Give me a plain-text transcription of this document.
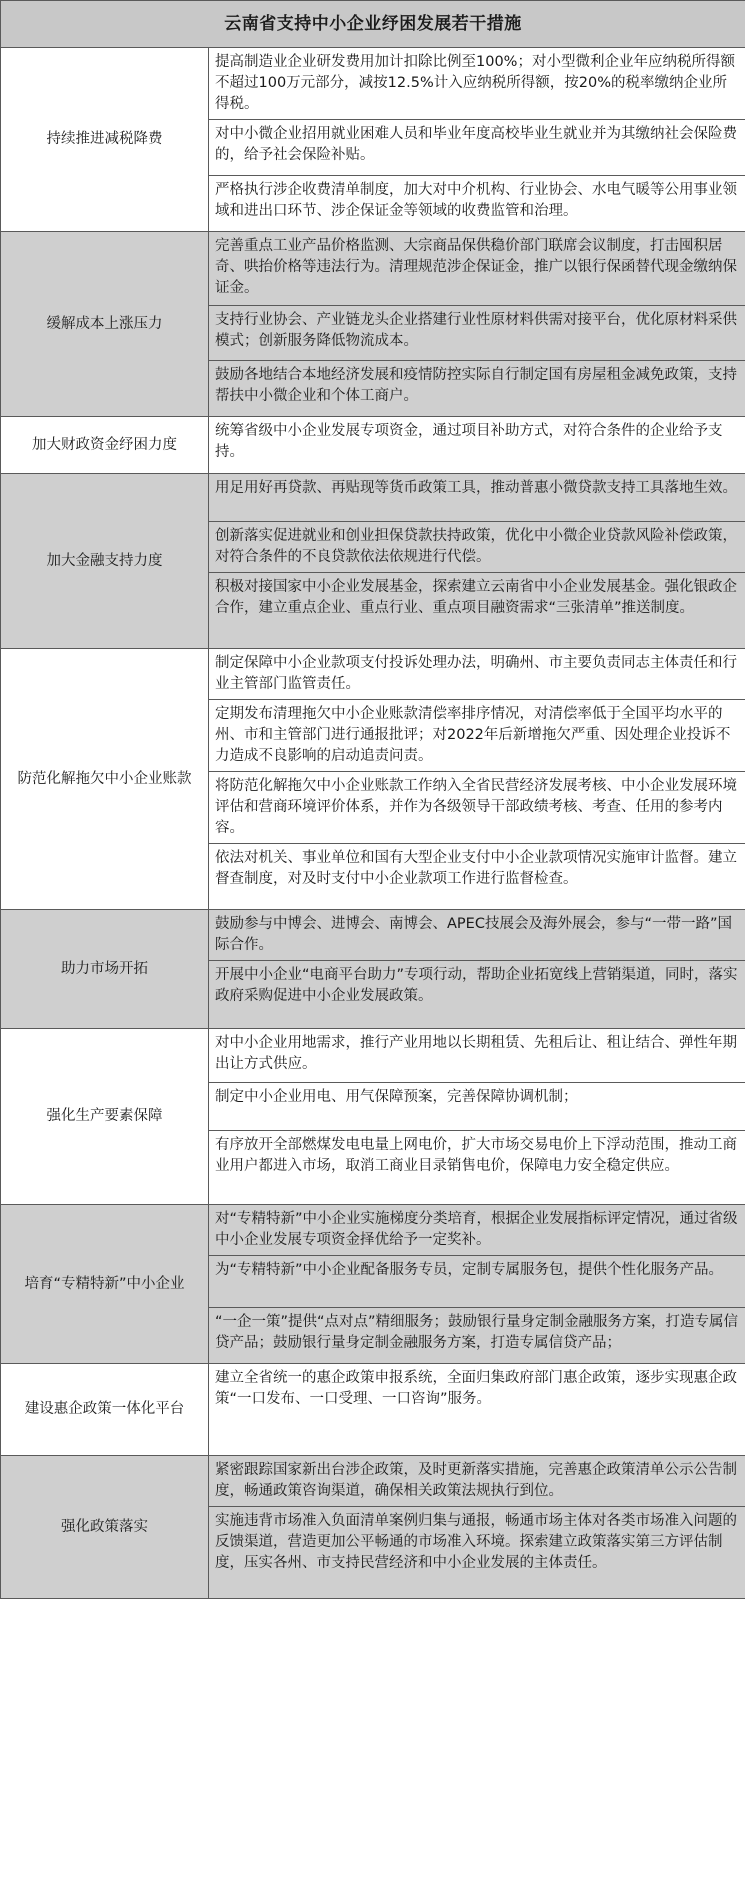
云南省支持中小企业纾困发展若干措施	
持续推进减税降费	提高制造业企业研发费用加计扣除比例至100%；对小型微利企业年应纳税所得额不超过100万元部分，减按12.5%计入应纳税所得额，按20%的税率缴纳企业所得税。
	对中小微企业招用就业困难人员和毕业年度高校毕业生就业并为其缴纳社会保险费的，给予社会保险补贴。
	严格执行涉企收费清单制度，加大对中介机构、行业协会、水电气暖等公用事业领域和进出口环节、涉企保证金等领域的收费监管和治理。
缓解成本上涨压力	完善重点工业产品价格监测、大宗商品保供稳价部门联席会议制度，打击囤积居奇、哄抬价格等违法行为。清理规范涉企保证金，推广以银行保函替代现金缴纳保证金。
	支持行业协会、产业链龙头企业搭建行业性原材料供需对接平台，优化原材料采供模式；创新服务降低物流成本。
	鼓励各地结合本地经济发展和疫情防控实际自行制定国有房屋租金减免政策，支持帮扶中小微企业和个体工商户。
加大财政资金纾困力度	统筹省级中小企业发展专项资金，通过项目补助方式，对符合条件的企业给予支持。
加大金融支持力度	用足用好再贷款、再贴现等货币政策工具，推动普惠小微贷款支持工具落地生效。
	创新落实促进就业和创业担保贷款扶持政策，优化中小微企业贷款风险补偿政策，对符合条件的不良贷款依法依规进行代偿。
	积极对接国家中小企业发展基金，探索建立云南省中小企业发展基金。强化银政企合作，建立重点企业、重点行业、重点项目融资需求“三张清单”推送制度。
防范化解拖欠中小企业账款	制定保障中小企业款项支付投诉处理办法，明确州、市主要负责同志主体责任和行业主管部门监管责任。
	定期发布清理拖欠中小企业账款清偿率排序情况，对清偿率低于全国平均水平的州、市和主管部门进行通报批评；对2022年后新增拖欠严重、因处理企业投诉不力造成不良影响的启动追责问责。
	将防范化解拖欠中小企业账款工作纳入全省民营经济发展考核、中小企业发展环境评估和营商环境评价体系，并作为各级领导干部政绩考核、考查、任用的参考内容。
	依法对机关、事业单位和国有大型企业支付中小企业款项情况实施审计监督。建立督查制度，对及时支付中小企业款项工作进行监督检查。
助力市场开拓	鼓励参与中博会、进博会、南博会、APEC技展会及海外展会，参与“一带一路”国际合作。
	开展中小企业“电商平台助力”专项行动，帮助企业拓宽线上营销渠道，同时，落实政府采购促进中小企业发展政策。
强化生产要素保障	对中小企业用地需求，推行产业用地以长期租赁、先租后让、租让结合、弹性年期出让方式供应。
	制定中小企业用电、用气保障预案，完善保障协调机制；
	有序放开全部燃煤发电电量上网电价，扩大市场交易电价上下浮动范围，推动工商业用户都进入市场，取消工商业目录销售电价，保障电力安全稳定供应。
培育“专精特新”中小企业	对“专精特新”中小企业实施梯度分类培育，根据企业发展指标评定情况，通过省级中小企业发展专项资金择优给予一定奖补。
	为“专精特新”中小企业配备服务专员，定制专属服务包，提供个性化服务产品。
	“一企一策”提供“点对点”精细服务；鼓励银行量身定制金融服务方案，打造专属信贷产品；鼓励银行量身定制金融服务方案，打造专属信贷产品；
建设惠企政策一体化平台	建立全省统一的惠企政策申报系统，全面归集政府部门惠企政策，逐步实现惠企政策“一口发布、一口受理、一口咨询”服务。
强化政策落实	紧密跟踪国家新出台涉企政策，及时更新落实措施，完善惠企政策清单公示公告制度，畅通政策咨询渠道，确保相关政策法规执行到位。
	实施违背市场准入负面清单案例归集与通报，畅通市场主体对各类市场准入问题的反馈渠道，营造更加公平畅通的市场准入环境。探索建立政策落实第三方评估制度，压实各州、市支持民营经济和中小企业发展的主体责任。
